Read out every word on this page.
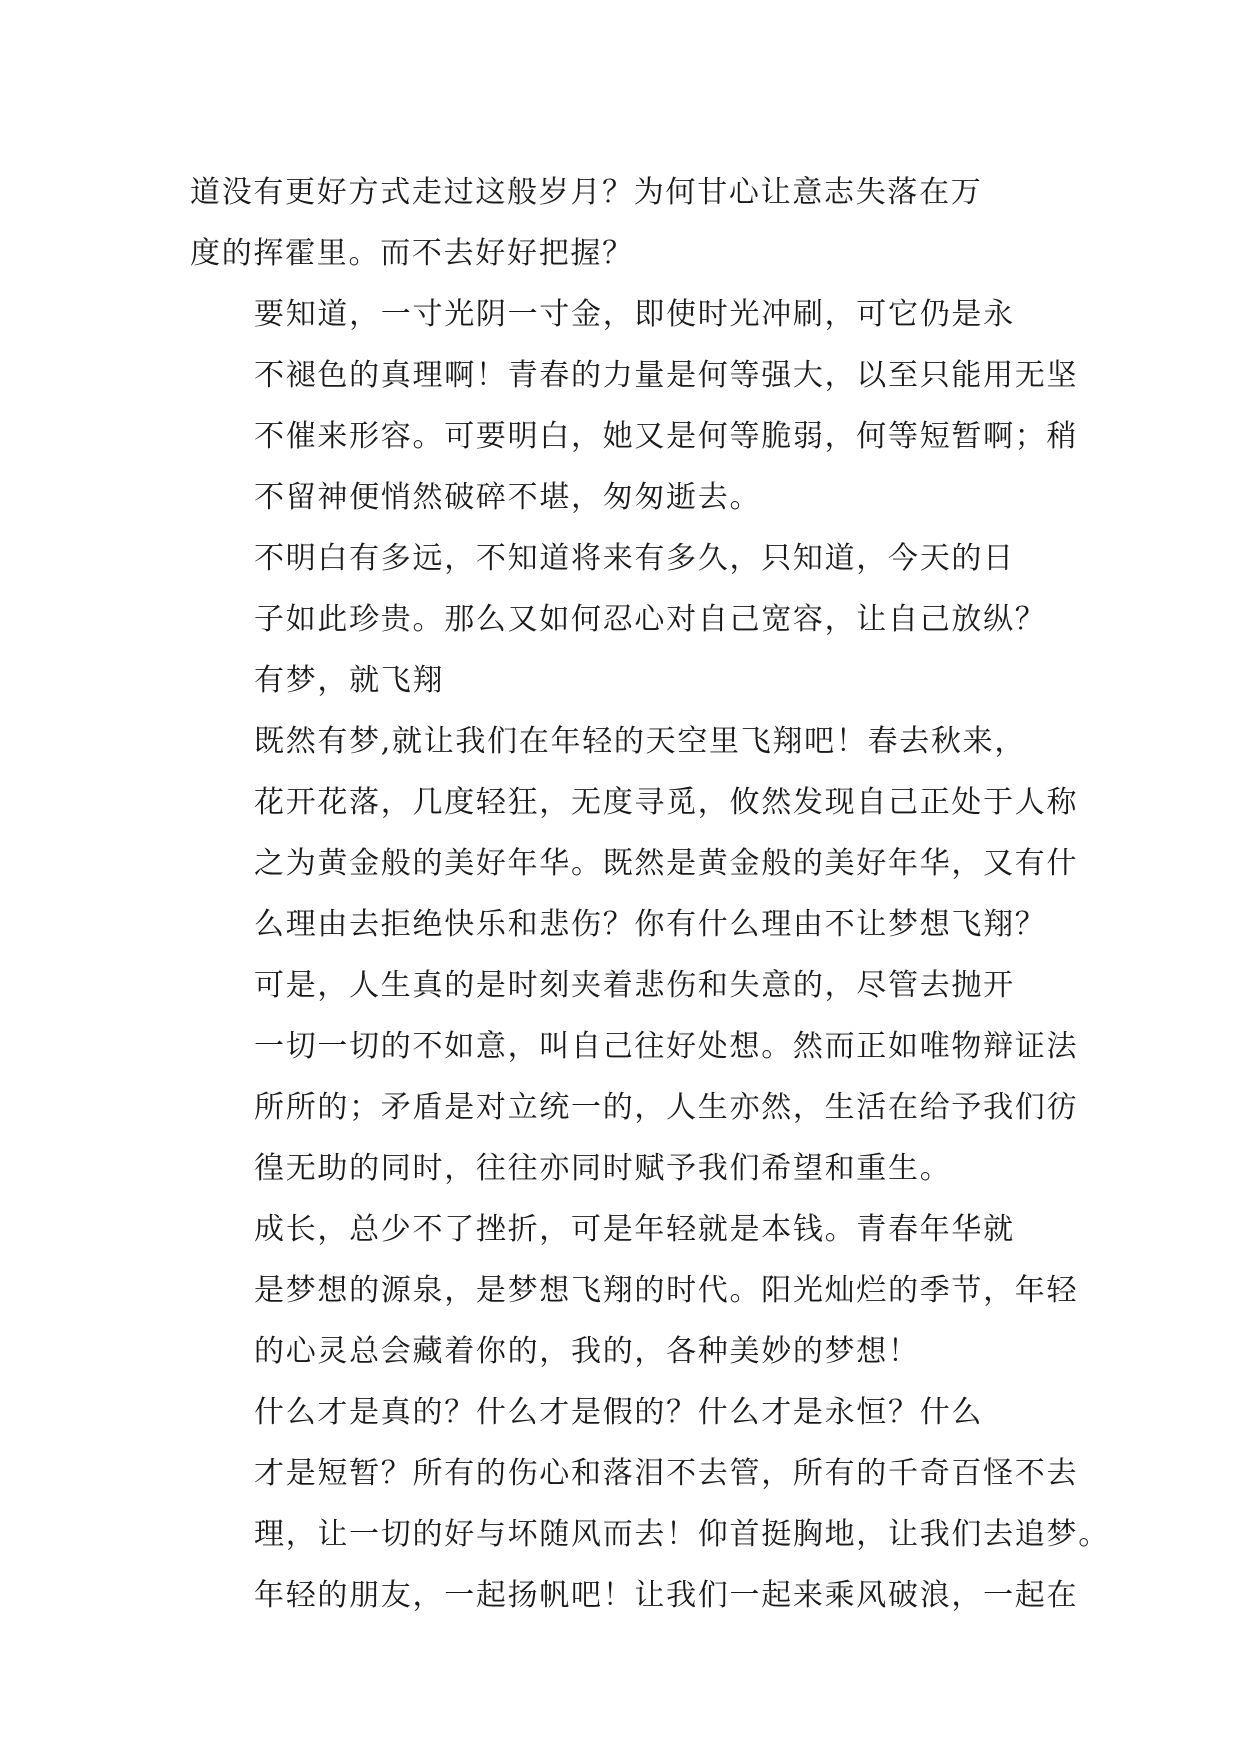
道没有更好方式走过这般岁月？为何甘心让意志失落在万
度的挥霍里。而不去好好把握？

要知道，一寸光阴一寸金，即使时光冲刷，可它仍是永
不褪色的真理啊！青春的力量是何等强大，以至只能用无坚
不催来形容。可要明白，她又是何等脆弱，何等短暂啊；稍
不留神便悄然破碎不堪，匆匆逝去。

不明白有多远，不知道将来有多久，只知道，今天的日
子如此珍贵。那么又如何忍心对自己宽容，让自己放纵？

有梦，就飞翔

既然有梦,就让我们在年轻的天空里飞翔吧！春去秋来，
花开花落，几度轻狂，无度寻觅，攸然发现自己正处于人称
之为黄金般的美好年华。既然是黄金般的美好年华，又有什
么理由去拒绝快乐和悲伤？你有什么理由不让梦想飞翔？

可是，人生真的是时刻夹着悲伤和失意的，尽管去抛开
一切一切的不如意，叫自己往好处想。然而正如唯物辩证法
所所的；矛盾是对立统一的，人生亦然，生活在给予我们彷
徨无助的同时，往往亦同时赋予我们希望和重生。

成长，总少不了挫折，可是年轻就是本钱。青春年华就
是梦想的源泉，是梦想飞翔的时代。阳光灿烂的季节，年轻
的心灵总会藏着你的，我的，各种美妙的梦想！

什么才是真的？什么才是假的？什么才是永恒？什么
才是短暂？所有的伤心和落泪不去管，所有的千奇百怪不去
理，让一切的好与坏随风而去！仰首挺胸地，让我们去追梦。
年轻的朋友，一起扬帆吧！让我们一起来乘风破浪，一起在
